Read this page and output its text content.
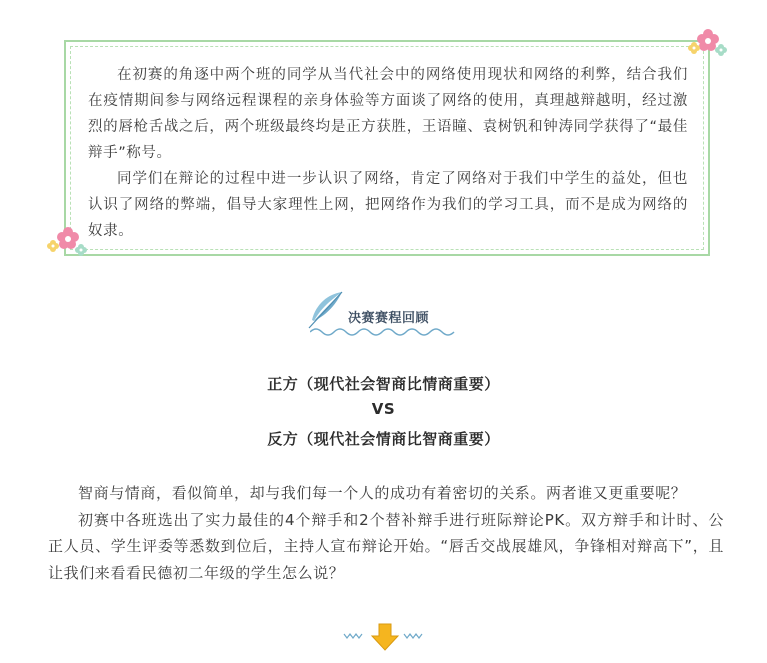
在初赛的角逐中两个班的同学从当代社会中的网络使用现状和网络的利弊，结合我们在疫情期间参与网络远程课程的亲身体验等方面谈了网络的使用，真理越辩越明，经过激烈的唇枪舌战之后，两个班级最终均是正方获胜，王语瞳、袁树钒和钟涛同学获得了“最佳辩手”称号。

同学们在辩论的过程中进一步认识了网络，肯定了网络对于我们中学生的益处，但也认识了网络的弊端，倡导大家理性上网，把网络作为我们的学习工具，而不是成为网络的奴隶。

决赛赛程回顾
正方（现代社会智商比情商重要）
VS
反方（现代社会情商比智商重要）

智商与情商，看似简单，却与我们每一个人的成功有着密切的关系。两者谁又更重要呢？

初赛中各班选出了实力最佳的4个辩手和2个替补辩手进行班际辩论PK。双方辩手和计时、公正人员、学生评委等悉数到位后，主持人宣布辩论开始。“唇舌交战展雄风，争锋相对辩高下”，且让我们来看看民德初二年级的学生怎么说？
